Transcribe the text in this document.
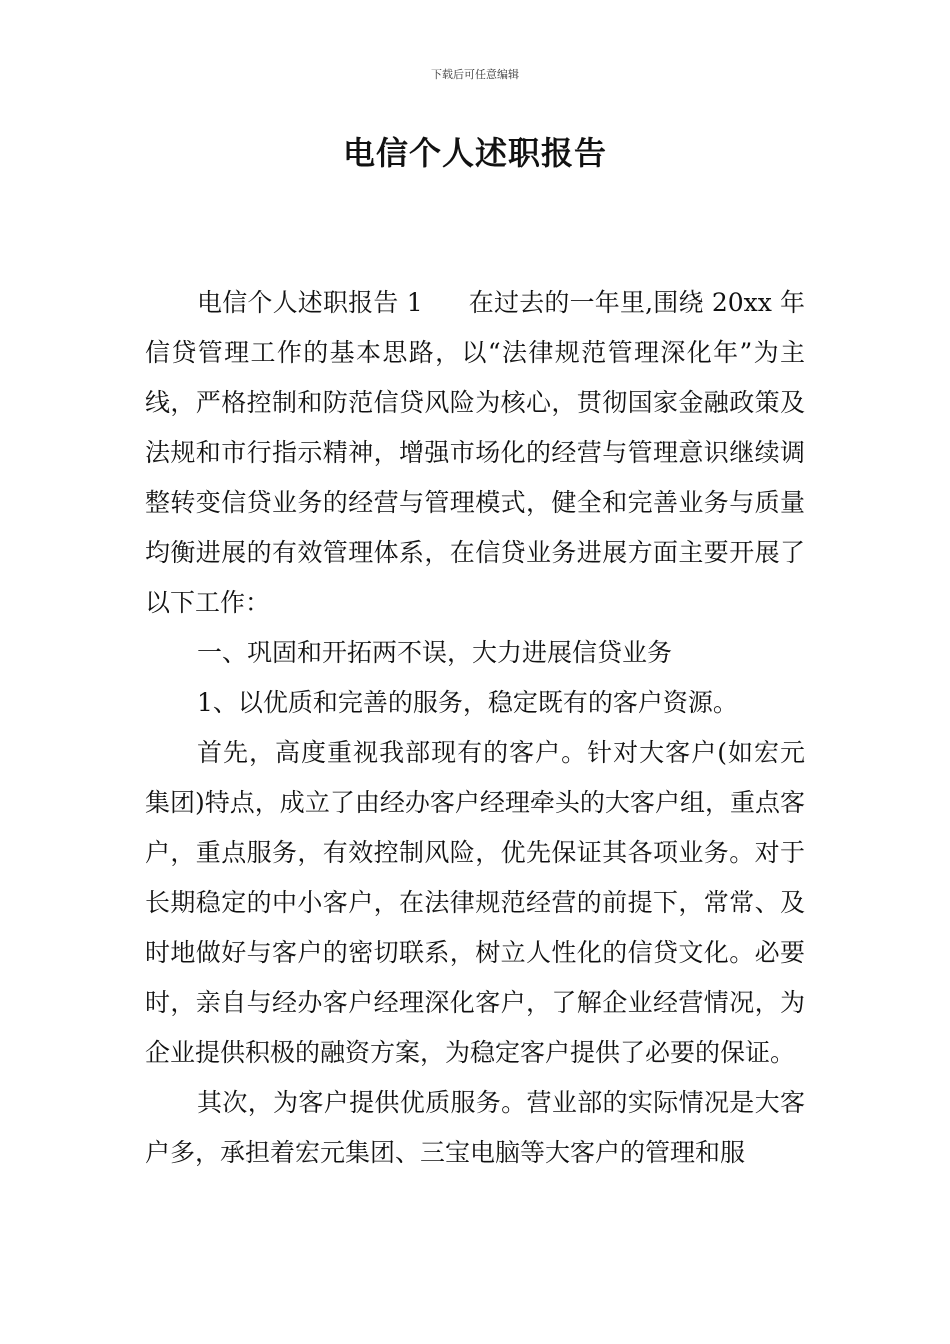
下载后可任意编辑
电信个人述职报告

电信个人述职报告 1 在过去的一年里,围绕 20xx 年信贷管理工作的基本思路，以“法律规范管理深化年”为主线，严格控制和防范信贷风险为核心，贯彻国家金融政策及法规和市行指示精神，增强市场化的经营与管理意识继续调整转变信贷业务的经营与管理模式，健全和完善业务与质量均衡进展的有效管理体系，在信贷业务进展方面主要开展了以下工作：

一、巩固和开拓两不误，大力进展信贷业务

1、以优质和完善的服务，稳定既有的客户资源。

首先，高度重视我部现有的客户。针对大客户(如宏元集团)特点，成立了由经办客户经理牵头的大客户组，重点客户，重点服务，有效控制风险，优先保证其各项业务。对于长期稳定的中小客户，在法律规范经营的前提下，常常、及时地做好与客户的密切联系，树立人性化的信贷文化。必要时，亲自与经办客户经理深化客户，了解企业经营情况，为企业提供积极的融资方案，为稳定客户提供了必要的保证。

其次，为客户提供优质服务。营业部的实际情况是大客户多，承担着宏元集团、三宝电脑等大客户的管理和服
